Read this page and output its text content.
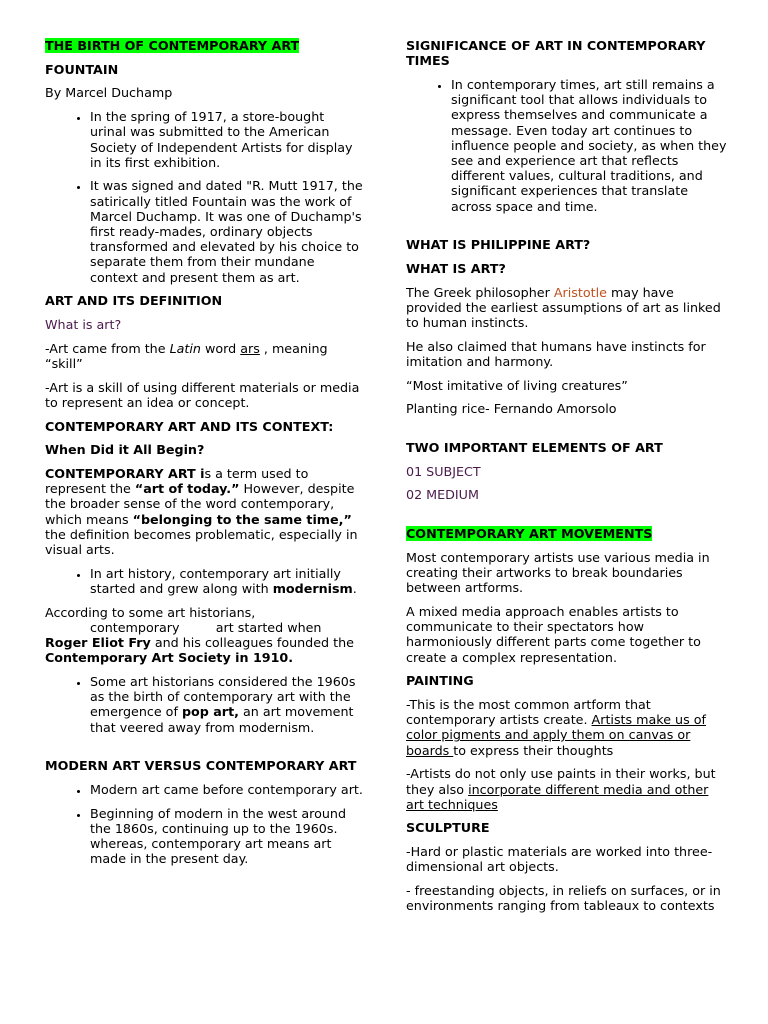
THE BIRTH OF CONTEMPORARY ART

FOUNTAIN

By Marcel Duchamp

• In the spring of 1917, a store-bought urinal was submitted to the American Society of Independent Artists for display in its first exhibition.
• It was signed and dated "R. Mutt 1917, the satirically titled Fountain was the work of Marcel Duchamp. It was one of Duchamp's first ready-mades, ordinary objects transformed and elevated by his choice to separate them from their mundane context and present them as art.

ART AND ITS DEFINITION

What is art?

-Art came from the Latin word ars , meaning “skill”

-Art is a skill of using different materials or media to represent an idea or concept.

CONTEMPORARY ART AND ITS CONTEXT:

When Did it All Begin?

CONTEMPORARY ART is a term used to represent the “art of today.” However, despite the broader sense of the word contemporary, which means “belonging to the same time,” the definition becomes problematic, especially in visual arts.

• In art history, contemporary art initially started and grew along with modernism.

According to some art historians,
contemporary         art started when
Roger Eliot Fry and his colleagues founded the Contemporary Art Society in 1910.

• Some art historians considered the 1960s as the birth of contemporary art with the emergence of pop art, an art movement that veered away from modernism.

MODERN ART VERSUS CONTEMPORARY ART

• Modern art came before contemporary art.
• Beginning of modern in the west around the 1860s, continuing up to the 1960s. whereas, contemporary art means art made in the present day.

SIGNIFICANCE OF ART IN CONTEMPORARY TIMES

• In contemporary times, art still remains a significant tool that allows individuals to express themselves and communicate a message. Even today art continues to influence people and society, as when they see and experience art that reflects different values, cultural traditions, and significant experiences that translate across space and time.

WHAT IS PHILIPPINE ART?

WHAT IS ART?

The Greek philosopher Aristotle may have provided the earliest assumptions of art as linked to human instincts.

He also claimed that humans have instincts for imitation and harmony.

“Most imitative of living creatures”

Planting rice- Fernando Amorsolo

TWO IMPORTANT ELEMENTS OF ART

01 SUBJECT

02 MEDIUM

CONTEMPORARY ART MOVEMENTS

Most contemporary artists use various media in creating their artworks to break boundaries between artforms.

A mixed media approach enables artists to communicate to their spectators how harmoniously different parts come together to create a complex representation.

PAINTING

-This is the most common artform that contemporary artists create. Artists make us of color pigments and apply them on canvas or boards to express their thoughts

-Artists do not only use paints in their works, but they also incorporate different media and other art techniques

SCULPTURE

-Hard or plastic materials are worked into three-dimensional art objects.

- freestanding objects, in reliefs on surfaces, or in environments ranging from tableaux to contexts
